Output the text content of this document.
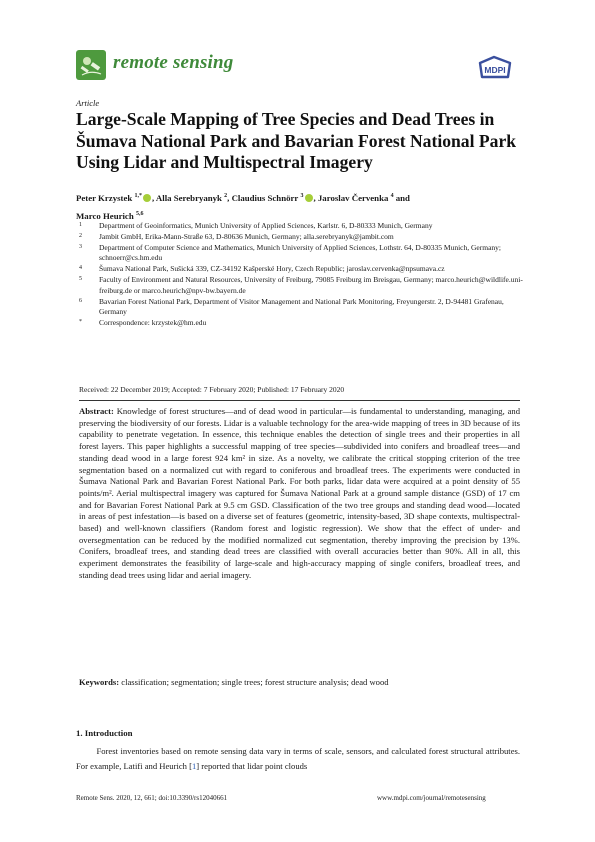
remote sensing	MDPI
Article
Large-Scale Mapping of Tree Species and Dead Trees in Šumava National Park and Bavarian Forest National Park Using Lidar and Multispectral Imagery
Peter Krzystek $^{1,*}$ , Alla Serebryanyk $^2$, Claudius Schnörr $^3$ , Jaroslav Červenka $^4$ and
Marco Heurich $^{5,6}$
1	Department of Geoinformatics, Munich University of Applied Sciences, Karlstr. 6, D-80333 Munich, Germany
2	Jambit GmbH, Erika-Mann-Straße 63, D-80636 Munich, Germany; alla.serebryanyk@jambit.com
3	Department of Computer Science and Mathematics, Munich University of Applied Sciences, Lothstr. 64, D-80335 Munich, Germany; schnoerr@cs.hm.edu
4	Šumava National Park, Sušická 339, CZ-34192 Kašperské Hory, Czech Republic; jaroslav.cervenka@npsumava.cz
5	Faculty of Environment and Natural Resources, University of Freiburg, 79085 Freiburg im Breisgau, Germany; marco.heurich@wildlife.uni-freiburg.de or marco.heurich@npv-bw.bayern.de
6	Bavarian Forest National Park, Department of Visitor Management and National Park Monitoring, Freyungerstr. 2, D-94481 Grafenau, Germany
*	Correspondence: krzystek@hm.edu
Received: 22 December 2019; Accepted: 7 February 2020; Published: 17 February 2020
Abstract: Knowledge of forest structures—and of dead wood in particular—is fundamental to understanding, managing, and preserving the biodiversity of our forests. Lidar is a valuable technology for the area-wide mapping of trees in 3D because of its capability to penetrate vegetation. In essence, this technique enables the detection of single trees and their properties in all forest layers. This paper highlights a successful mapping of tree species—subdivided into conifers and broadleaf trees—and standing dead wood in a large forest 924 km² in size. As a novelty, we calibrate the critical stopping criterion of the tree segmentation based on a normalized cut with regard to coniferous and broadleaf trees. The experiments were conducted in Šumava National Park and Bavarian Forest National Park. For both parks, lidar data were acquired at a point density of 55 points/m². Aerial multispectral imagery was captured for Šumava National Park at a ground sample distance (GSD) of 17 cm and for Bavarian Forest National Park at 9.5 cm GSD. Classification of the two tree groups and standing dead wood—located in areas of pest infestation—is based on a diverse set of features (geometric, intensity-based, 3D shape contexts, multispectral-based) and well-known classifiers (Random forest and logistic regression). We show that the effect of under- and oversegmentation can be reduced by the modified normalized cut segmentation, thereby improving the precision by 13%. Conifers, broadleaf trees, and standing dead trees are classified with overall accuracies better than 90%. All in all, this experiment demonstrates the feasibility of large-scale and high-accuracy mapping of single conifers, broadleaf trees, and standing dead trees using lidar and aerial imagery.
Keywords: classification; segmentation; single trees; forest structure analysis; dead wood
1. Introduction
Forest inventories based on remote sensing data vary in terms of scale, sensors, and calculated forest structural attributes. For example, Latifi and Heurich [1] reported that lidar point clouds
Remote Sens. 2020, 12, 661; doi:10.3390/rs12040661	www.mdpi.com/journal/remotesensing
